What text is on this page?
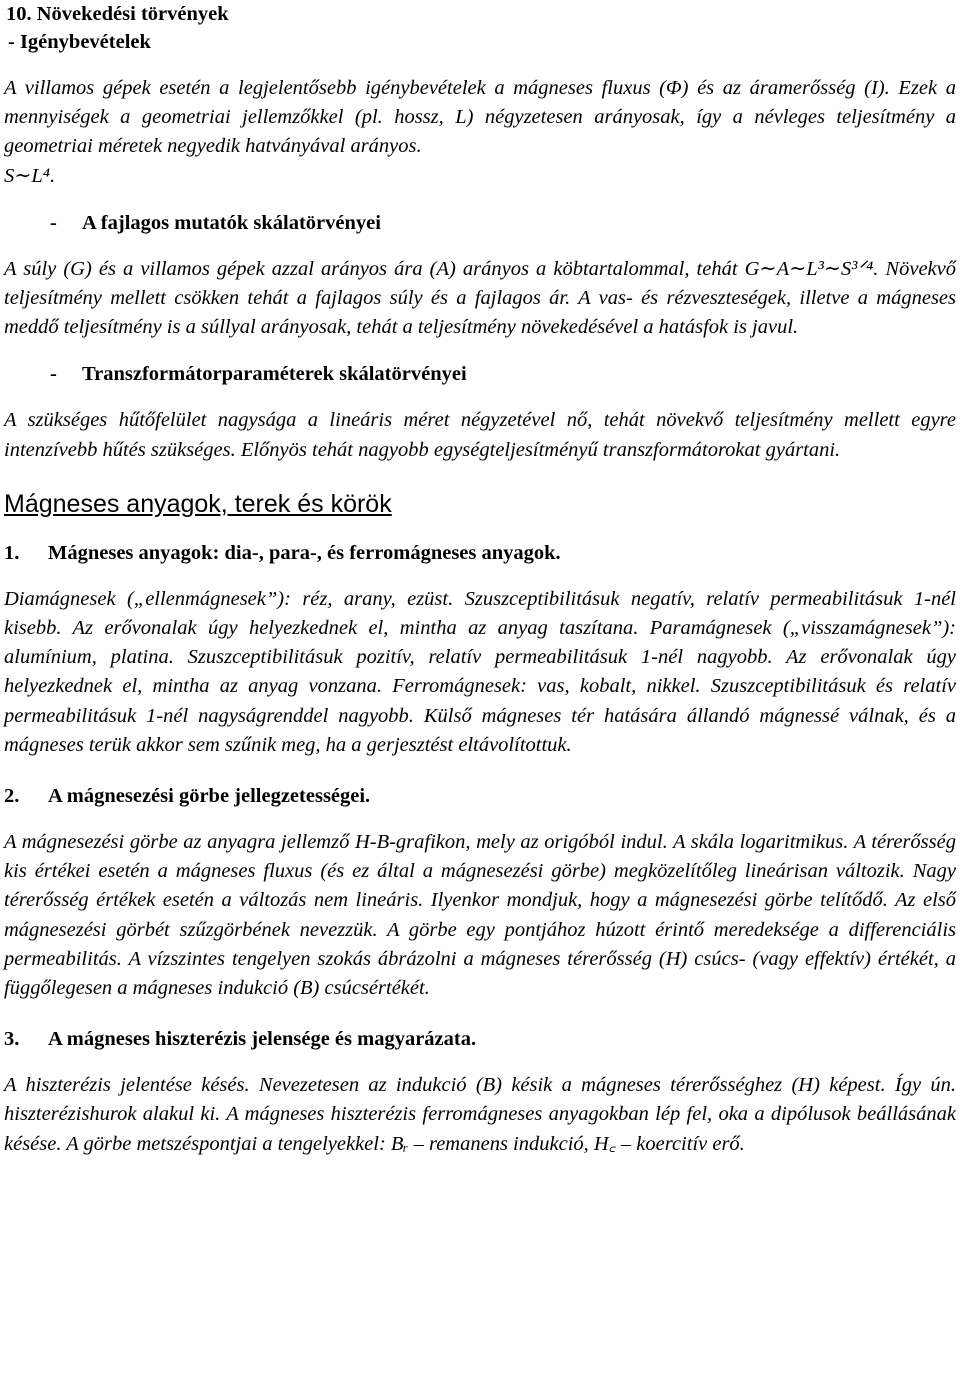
10. Növekedési törvények

- Igénybevételek

A villamos gépek esetén a legjelentősebb igénybevételek a mágneses fluxus (Φ) és az áramerősség (I). Ezek a mennyiségek a geometriai jellemzőkkel (pl. hossz, L) négyzetesen arányosak, így a névleges teljesítmény a geometriai méretek negyedik hatványával arányos.
S∼L⁴.

- A fajlagos mutatók skálatörvényei

A súly (G) és a villamos gépek azzal arányos ára (A) arányos a köbtartalommal, tehát G∼A∼L³∼S³ᐟ⁴. Növekvő teljesítmény mellett csökken tehát a fajlagos súly és a fajlagos ár. A vas- és rézveszteségek, illetve a mágneses meddő teljesítmény is a súllyal arányosak, tehát a teljesítmény növekedésével a hatásfok is javul.

- Transzformátorparaméterek skálatörvényei

A szükséges hűtőfelület nagysága a lineáris méret négyzetével nő, tehát növekvő teljesítmény mellett egyre intenzívebb hűtés szükséges. Előnyös tehát nagyobb egységteljesítményű transzformátorokat gyártani.

Mágneses anyagok, terek és körök

1. Mágneses anyagok: dia-, para-, és ferromágneses anyagok.

Diamágnesek („ellenmágnesek”): réz, arany, ezüst. Szuszceptibilitásuk negatív, relatív permeabilitásuk 1-nél kisebb. Az erővonalak úgy helyezkednek el, mintha az anyag taszítana. Paramágnesek („visszamágnesek”): alumínium, platina. Szuszceptibilitásuk pozitív, relatív permeabilitásuk 1-nél nagyobb. Az erővonalak úgy helyezkednek el, mintha az anyag vonzana. Ferromágnesek: vas, kobalt, nikkel. Szuszceptibilitásuk és relatív permeabilitásuk 1-nél nagyságrenddel nagyobb. Külső mágneses tér hatására állandó mágnessé válnak, és a mágneses terük akkor sem szűnik meg, ha a gerjesztést eltávolítottuk.

2. A mágnesezési görbe jellegzetességei.

A mágnesezési görbe az anyagra jellemző H-B-grafikon, mely az origóból indul. A skála logaritmikus. A térerősség kis értékei esetén a mágneses fluxus (és ez által a mágnesezési görbe) megközelítőleg lineárisan változik. Nagy térerősség értékek esetén a változás nem lineáris. Ilyenkor mondjuk, hogy a mágnesezési görbe telítődő. Az első mágnesezési görbét szűzgörbének nevezzük. A görbe egy pontjához húzott érintő meredeksége a differenciális permeabilitás. A vízszintes tengelyen szokás ábrázolni a mágneses térerősség (H) csúcs- (vagy effektív) értékét, a függőlegesen a mágneses indukció (B) csúcsértékét.

3. A mágneses hiszterézis jelensége és magyarázata.

A hiszterézis jelentése késés. Nevezetesen az indukció (B) késik a mágneses térerősséghez (H) képest. Így ún. hiszterézishurok alakul ki. A mágneses hiszterézis ferromágneses anyagokban lép fel, oka a dipólusok beállásának késése. A görbe metszéspontjai a tengelyekkel: Bᵣ – remanens indukció, H꜀ – koercitív erő.
